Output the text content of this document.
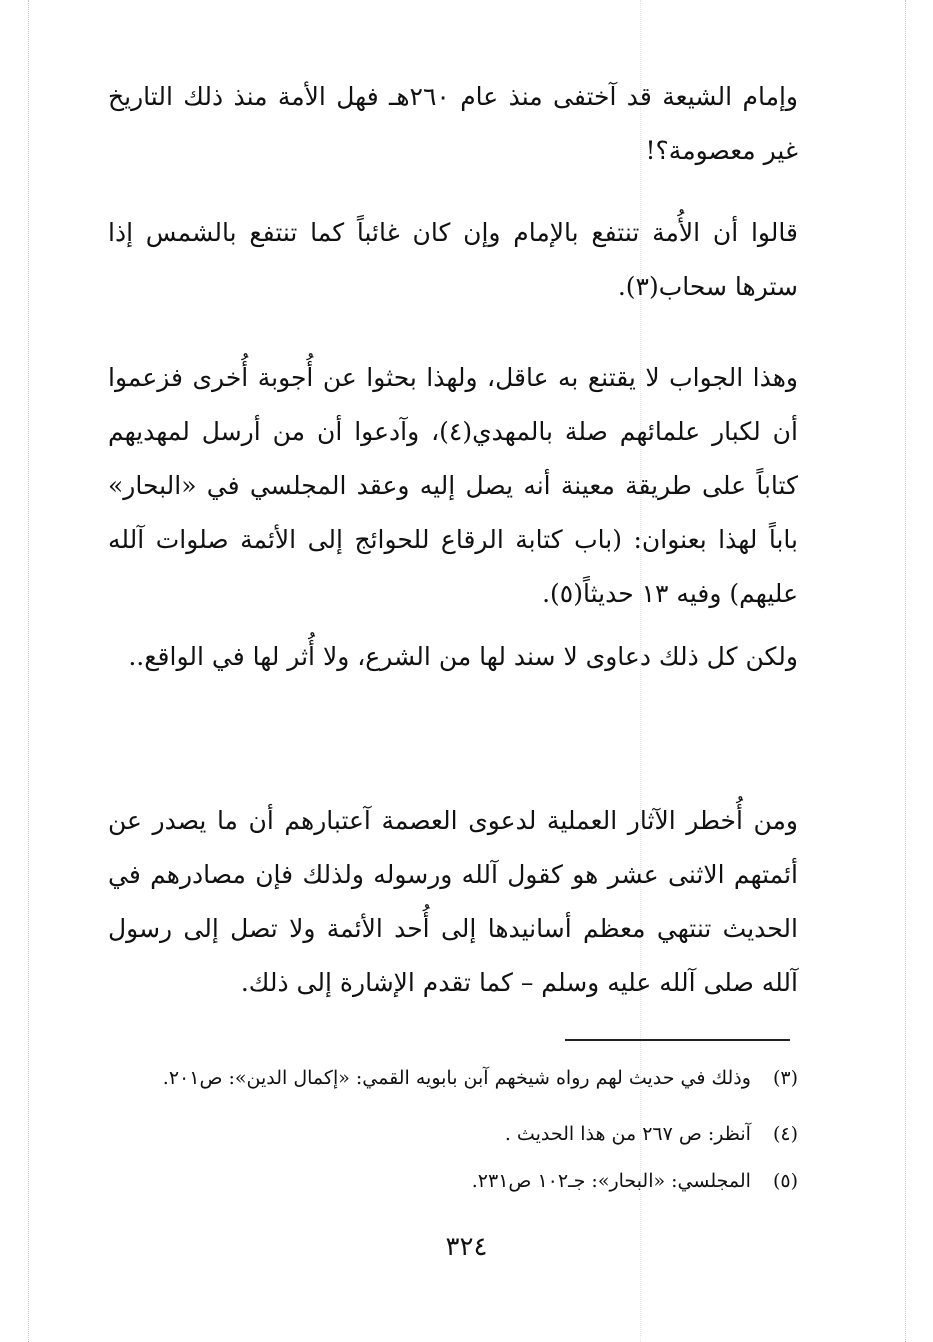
وإمام الشيعة قد آختفى منذ عام ٢٦٠هـ فهل الأمة منذ ذلك التاريخ غير معصومة؟!
قالوا أن الأُمة تنتفع بالإمام وإن كان غائباً كما تنتفع بالشمس إذا سترها سحاب(٣).
وهذا الجواب لا يقتنع به عاقل، ولهذا بحثوا عن أُجوبة أُخرى فزعموا أن لكبار علمائهم صلة بالمهدي(٤)، وآدعوا أن من أرسل لمهديهم كتاباً على طريقة معينة أنه يصل إليه وعقد المجلسي في «البحار» باباً لهذا بعنوان: (باب كتابة الرقاع للحوائج إلى الأئمة صلوات آلله عليهم) وفيه ١٣ حديثاً(٥).
ولكن كل ذلك دعاوى لا سند لها من الشرع، ولا أُثر لها في الواقع..
ومن أُخطر الآثار العملية لدعوى العصمة آعتبارهم أن ما يصدر عن أئمتهم الاثنى عشر هو كقول آلله ورسوله ولذلك فإن مصادرهم في الحديث تنتهي معظم أسانيدها إلى أُحد الأئمة ولا تصل إلى رسول آلله صلى آلله عليه وسلم – كما تقدم الإشارة إلى ذلك.
(٣)وذلك في حديث لهم رواه شيخهم آبن بابويه القمي: «إكمال الدين»: ص٢٠١.
(٤)آنظر: ص ٢٦٧ من هذا الحديث .
(٥)المجلسي: «البحار»: جـ١٠٢ ص٢٣١.
٣٢٤
